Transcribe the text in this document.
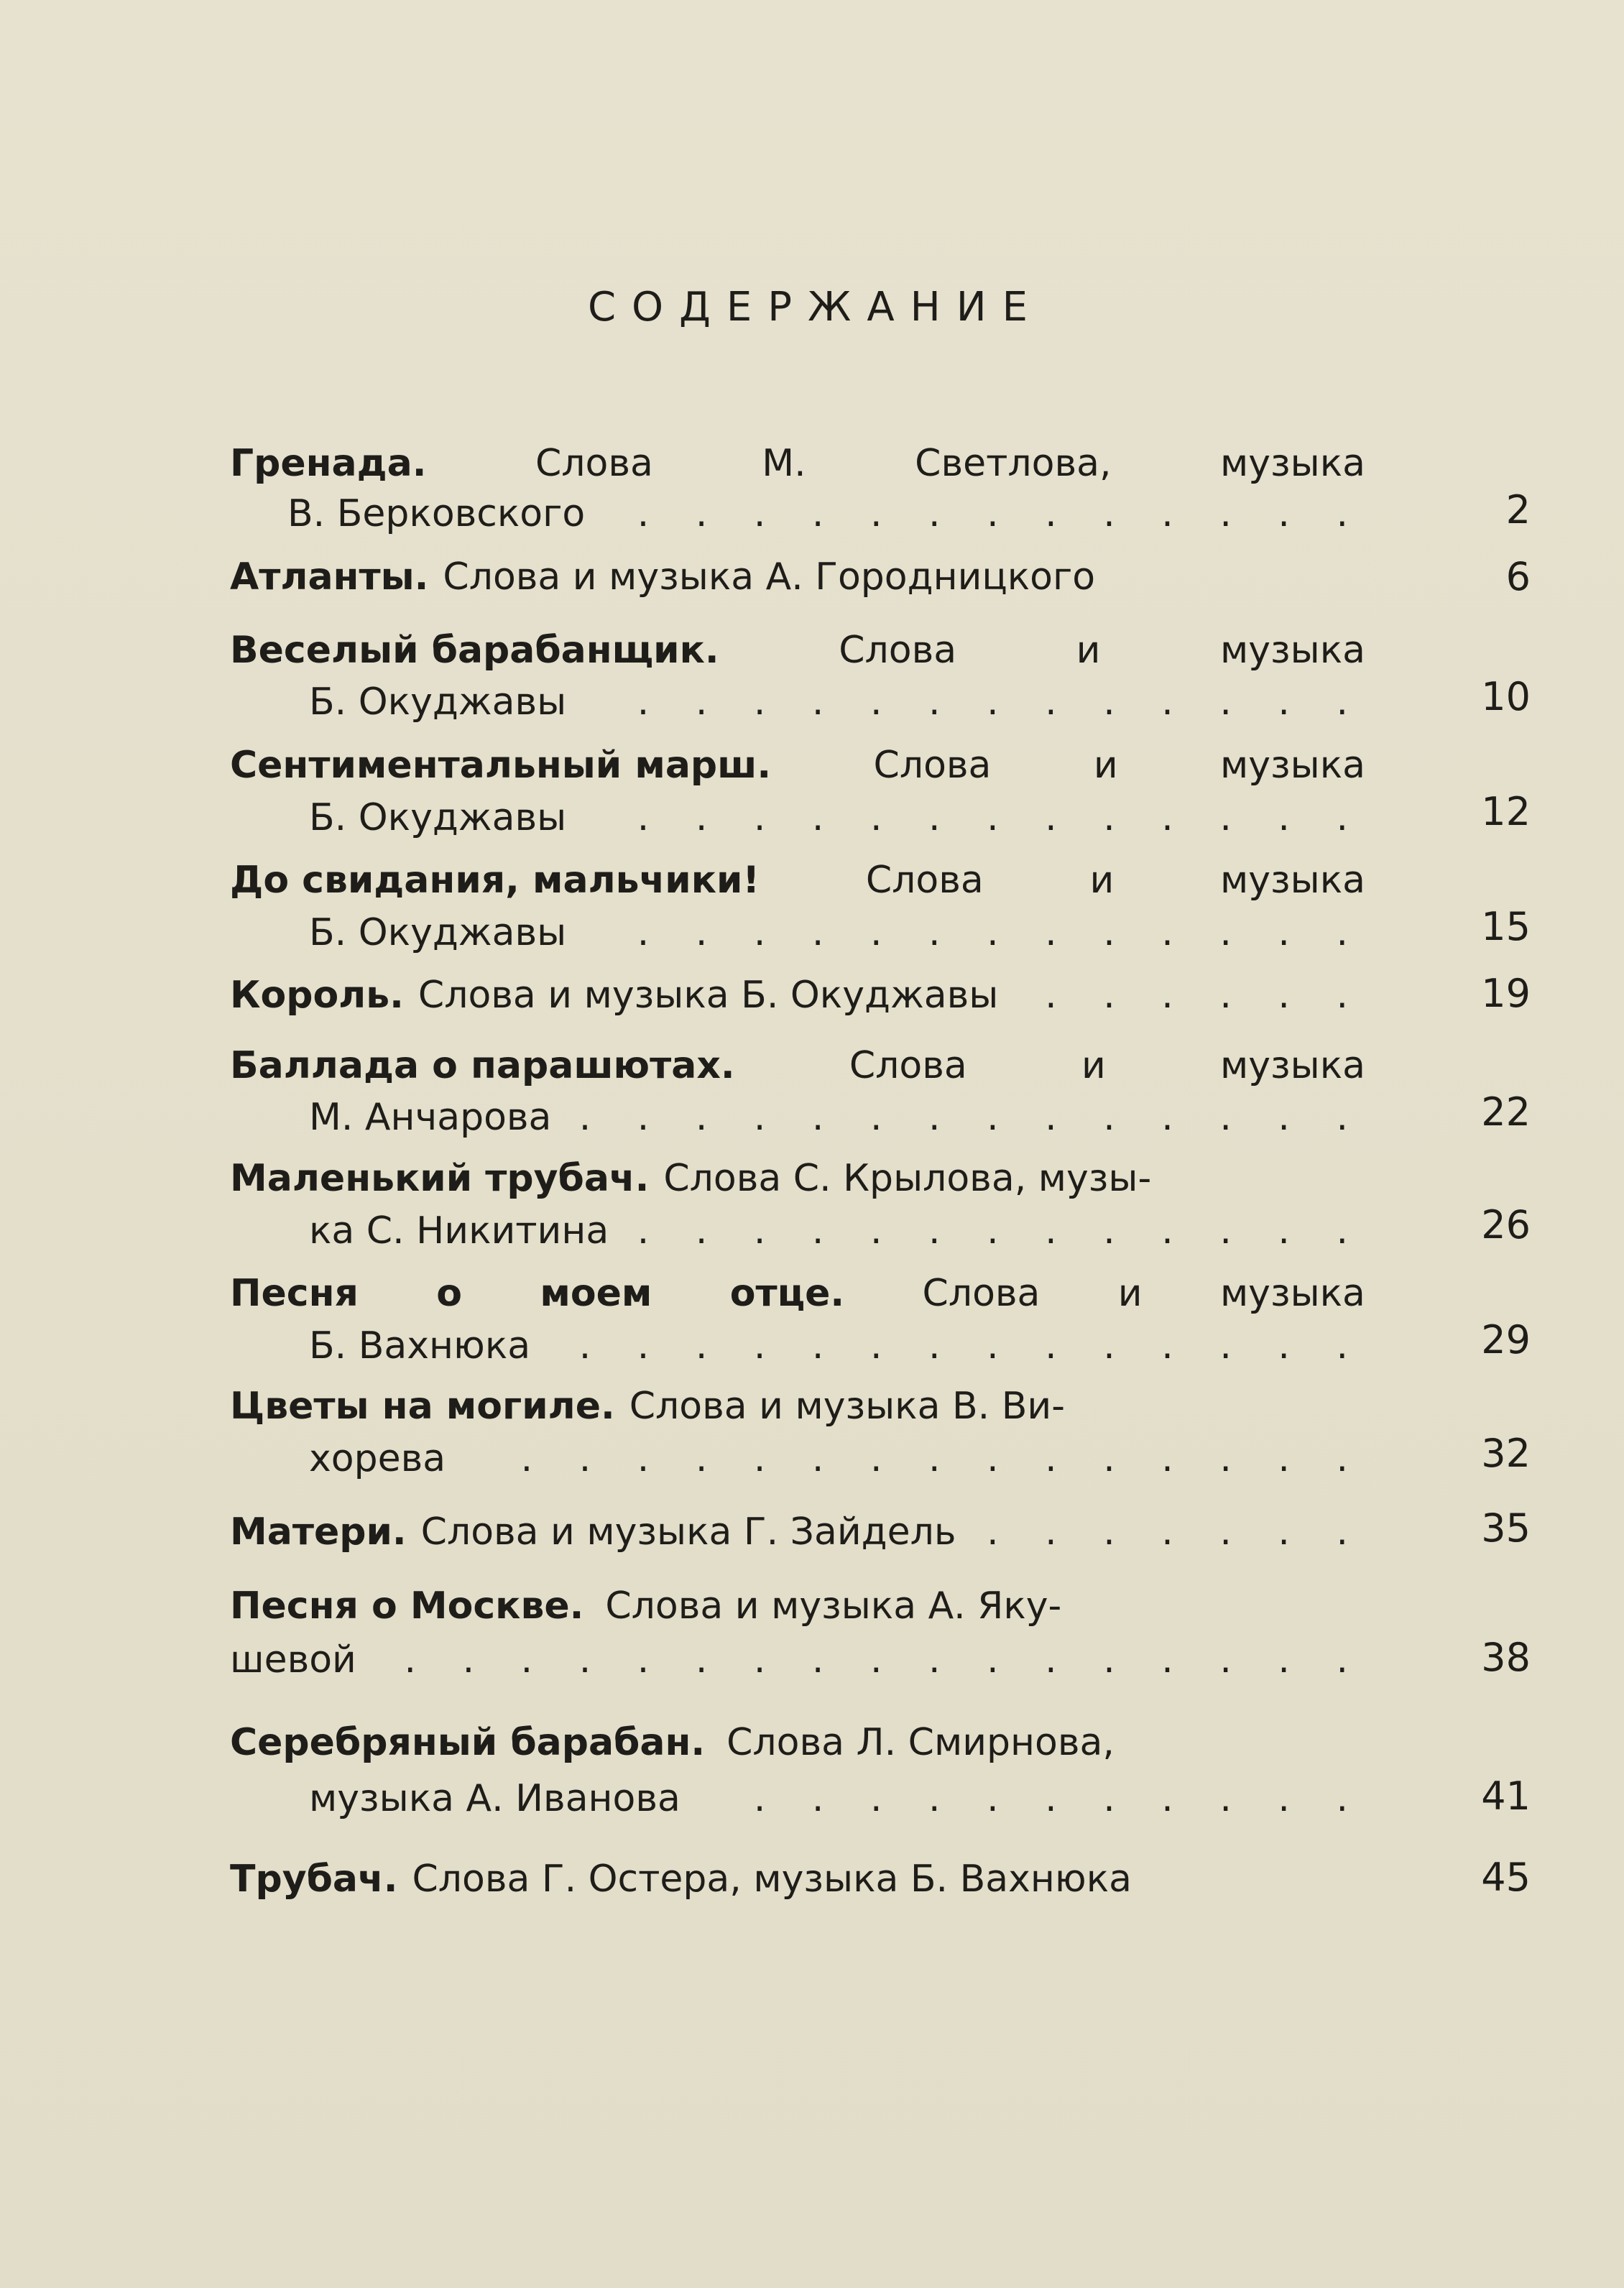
СОДЕРЖАНИЕ
Гренада.	Слова	М.	Светлова,	музыка
В. Берковского . . .	2
Атланты. Слова и музыка А. Городницкого	6
Веселый барабанщик.	Слова	и	музыка
Б. Окуджавы . . .	10
Сентиментальный марш.	Слова	и	музыка
Б. Окуджавы . . .	12
До свидания, мальчики!	Слова	и	музыка
Б. Окуджавы . . .	15
Король. Слова и музыка Б. Окуджавы . . .	19
Баллада о парашютах.	Слова	и	музыка
М. Анчарова . . .	22
Маленький трубач. Слова С. Крылова, музы-
ка С. Никитина . . .	26
Песня о моем отце. Слова и музыка
Б. Вахнюка . . .	29
Цветы на могиле. Слова и музыка В. Ви-
хорева . . .	32
Матери. Слова и музыка Г. Зайдель . . .	35
Песня о Москве. Слова и музыка А. Яку-
шевой . . .	38
Серебряный барабан. Слова Л. Смирнова,
музыка А. Иванова . . .	41
Трубач. Слова Г. Остера, музыка Б. Вахнюка	45
